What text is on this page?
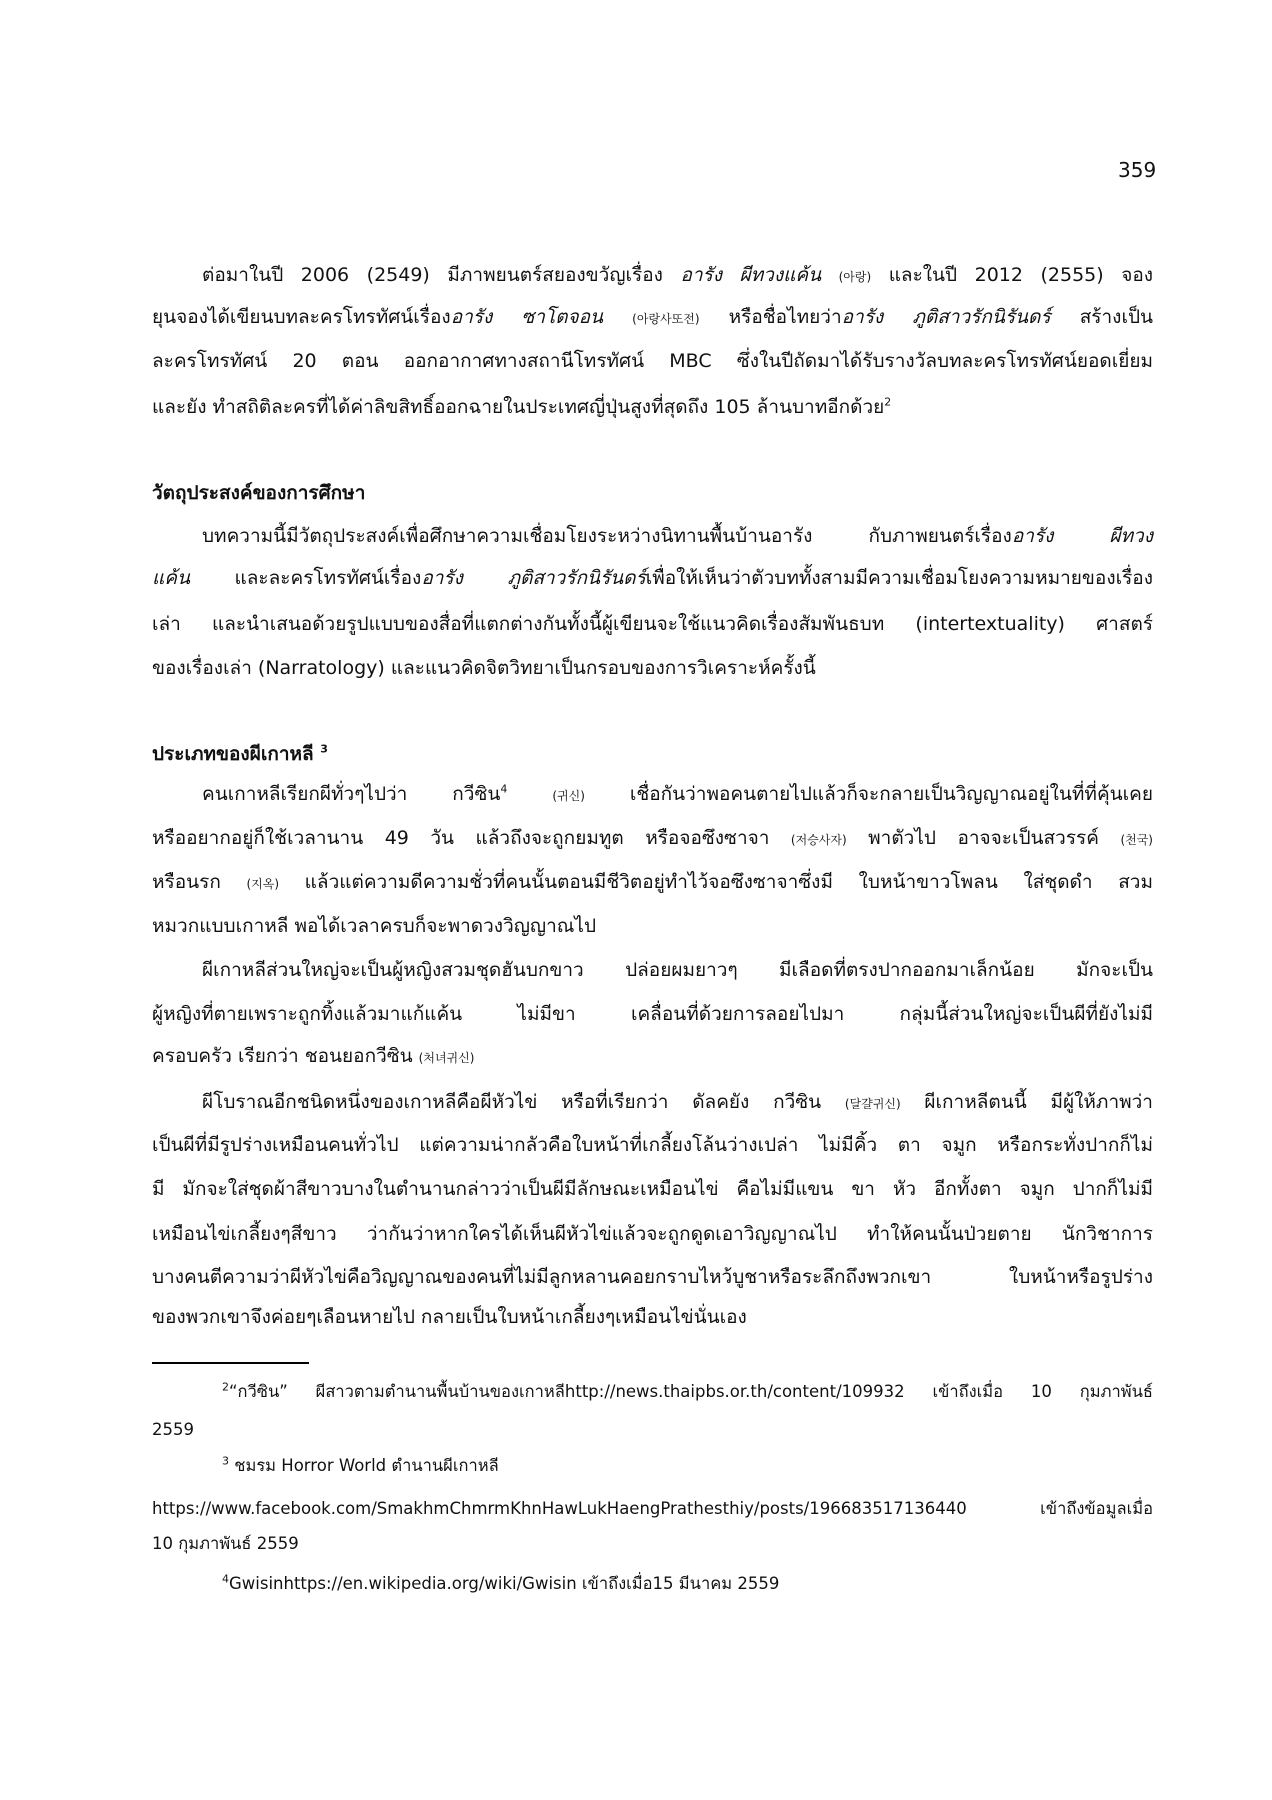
359
ต่อมาในปี 2006 (2549) มีภาพยนตร์สยองขวัญเรื่อง อารัง ผีทวงแค้น (아랑) และในปี 2012 (2555) จอง
ยุนจองได้เขียนบทละครโทรทัศน์เรื่องอารัง ซาโตจอน (아랑사또전) หรือชื่อไทยว่าอารัง ภูติสาวรักนิรันดร์ สร้างเป็น
ละครโทรทัศน์ 20 ตอน ออกอากาศทางสถานีโทรทัศน์ MBC ซึ่งในปีถัดมาได้รับรางวัลบทละครโทรทัศน์ยอดเยี่ยม
และยัง ทำสถิติละครที่ได้ค่าลิขสิทธิ์ออกฉายในประเทศญี่ปุ่นสูงที่สุดถึง 105 ล้านบาทอีกด้วย$^2$
วัตถุประสงค์ของการศึกษา
บทความนี้มีวัตถุประสงค์เพื่อศึกษาความเชื่อมโยงระหว่างนิทานพื้นบ้านอารัง กับภาพยนตร์เรื่องอารัง ผีทวง
แค้น และละครโทรทัศน์เรื่องอารัง ภูติสาวรักนิรันดร์เพื่อให้เห็นว่าตัวบททั้งสามมีความเชื่อมโยงความหมายของเรื่อง
เล่า และนำเสนอด้วยรูปแบบของสื่อที่แตกต่างกันทั้งนี้ผู้เขียนจะใช้แนวคิดเรื่องสัมพันธบท (intertextuality) ศาสตร์
ของเรื่องเล่า (Narratology) และแนวคิดจิตวิทยาเป็นกรอบของการวิเคราะห์ครั้งนี้
ประเภทของผีเกาหลี $^3$
คนเกาหลีเรียกผีทั่วๆไปว่า กวีซิน$^4$	(귀신) เชื่อกันว่าพอคนตายไปแล้วก็จะกลายเป็นวิญญาณอยู่ในที่ที่คุ้นเคย
หรืออยากอยู่ก็ใช้เวลานาน 49 วัน แล้วถึงจะถูกยมทูต หรือจอซึงซาจา (저승사자) พาตัวไป อาจจะเป็นสวรรค์ (천국)
หรือนรก (지옥) แล้วแต่ความดีความชั่วที่คนนั้นตอนมีชีวิตอยู่ทำไว้จอซึงซาจาซึ่งมี ใบหน้าขาวโพลน ใส่ชุดดำ สวม
หมวกแบบเกาหลี พอได้เวลาครบก็จะพาดวงวิญญาณไป
ผีเกาหลีส่วนใหญ่จะเป็นผู้หญิงสวมชุดฮันบกขาว ปล่อยผมยาวๆ มีเลือดที่ตรงปากออกมาเล็กน้อย มักจะเป็น
ผู้หญิงที่ตายเพราะถูกทิ้งแล้วมาแก้แค้น ไม่มีขา เคลื่อนที่ด้วยการลอยไปมา กลุ่มนี้ส่วนใหญ่จะเป็นผีที่ยังไม่มี
ครอบครัว เรียกว่า ชอนยอกวีซิน (처녀귀신)
ผีโบราณอีกชนิดหนึ่งของเกาหลีคือผีหัวไข่ หรือที่เรียกว่า ดัลคยัง กวีซิน (달걀귀신) ผีเกาหลีตนนี้ มีผู้ให้ภาพว่า
เป็นผีที่มีรูปร่างเหมือนคนทั่วไป แต่ความน่ากลัวคือใบหน้าที่เกลี้ยงโล้นว่างเปล่า ไม่มีคิ้ว ตา จมูก หรือกระทั่งปากก็ไม่
มี มักจะใส่ชุดผ้าสีขาวบางในตำนานกล่าวว่าเป็นผีมีลักษณะเหมือนไข่ คือไม่มีแขน ขา หัว อีกทั้งตา จมูก ปากก็ไม่มี
เหมือนไข่เกลี้ยงๆสีขาว ว่ากันว่าหากใครได้เห็นผีหัวไข่แล้วจะถูกดูดเอาวิญญาณไป ทำให้คนนั้นป่วยตาย นักวิชาการ
บางคนตีความว่าผีหัวไข่คือวิญญาณของคนที่ไม่มีลูกหลานคอยกราบไหว้บูชาหรือระลึกถึงพวกเขา ใบหน้าหรือรูปร่าง
ของพวกเขาจึงค่อยๆเลือนหายไป กลายเป็นใบหน้าเกลี้ยงๆเหมือนไข่นั่นเอง
$^2$“กวีซิน” ผีสาวตามตำนานพื้นบ้านของเกาหลีhttp://news.thaipbs.or.th/content/109932 เข้าถึงเมื่อ 10 กุมภาพันธ์
2559
$^3$ ชมรม Horror World ตำนานผีเกาหลี
https://www.facebook.com/SmakhmChmrmKhnHawLukHaengPrathesthiy/posts/196683517136440 เข้าถึงข้อมูลเมื่อ
10 กุมภาพันธ์ 2559
$^4$Gwisinhttps://en.wikipedia.org/wiki/Gwisin เข้าถึงเมื่อ15 มีนาคม 2559
